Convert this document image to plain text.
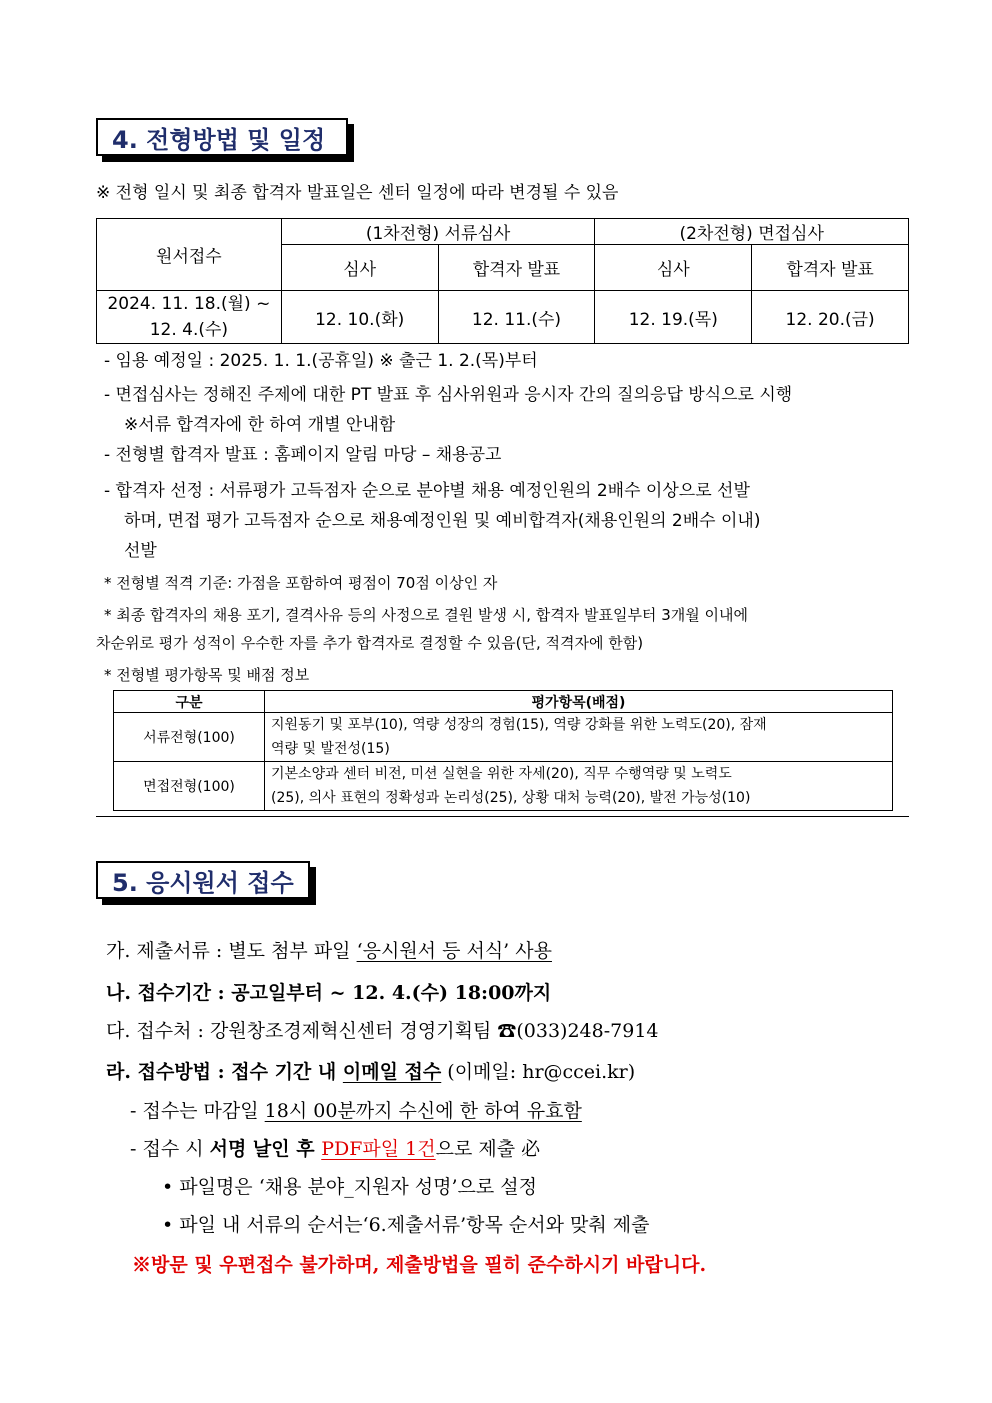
4. 전형방법 및 일정
※ 전형 일시 및 최종 합격자 발표일은 센터 일정에 따라 변경될 수 있음
원서접수	(1차전형) 서류심사		(2차전형) 면접심사	
	심사	합격자 발표	심사	합격자 발표
2024. 11. 18.(월) ~
12. 4.(수)	12. 10.(화)	12. 11.(수)	12. 19.(목)	12. 20.(금)
- 임용 예정일 : 2025. 1. 1.(공휴일) ※ 출근 1. 2.(목)부터
- 면접심사는 정해진 주제에 대한 PT 발표 후 심사위원과 응시자 간의 질의응답 방식으로 시행
※서류 합격자에 한 하여 개별 안내함
- 전형별 합격자 발표 : 홈페이지 알림 마당 – 채용공고
- 합격자 선정 : 서류평가 고득점자 순으로 분야별 채용 예정인원의 2배수 이상으로 선발
하며, 면접 평가 고득점자 순으로 채용예정인원 및 예비합격자(채용인원의 2배수 이내)
선발
* 전형별 적격 기준: 가점을 포함하여 평점이 70점 이상인 자
* 최종 합격자의 채용 포기, 결격사유 등의 사정으로 결원 발생 시, 합격자 발표일부터 3개월 이내에
차순위로 평가 성적이 우수한 자를 추가 합격자로 결정할 수 있음(단, 적격자에 한함)
* 전형별 평가항목 및 배점 정보
구분	평가항목(배점)
서류전형(100)	지원동기 및 포부(10), 역량 성장의 경험(15), 역량 강화를 위한 노력도(20), 잠재
역량 및 발전성(15)
면접전형(100)	기본소양과 센터 비전, 미션 실현을 위한 자세(20), 직무 수행역량 및 노력도
(25), 의사 표현의 정확성과 논리성(25), 상황 대처 능력(20), 발전 가능성(10)
5. 응시원서 접수
가. 제출서류 : 별도 첨부 파일 ‘응시원서 등 서식’ 사용
나. 접수기간 : 공고일부터 ~ 12. 4.(수) 18:00까지
다. 접수처 : 강원창조경제혁신센터 경영기획팀 ☎(033)248-7914
라. 접수방법 : 접수 기간 내 이메일 접수 (이메일: hr@ccei.kr)
- 접수는 마감일 18시 00분까지 수신에 한 하여 유효함
- 접수 시 서명 날인 후 PDF파일 1건으로 제출 必
• 파일명은 ‘채용 분야_지원자 성명’으로 설정
• 파일 내 서류의 순서는‘6.제출서류’항목 순서와 맞춰 제출
※방문 및 우편접수 불가하며, 제출방법을 필히 준수하시기 바랍니다.
